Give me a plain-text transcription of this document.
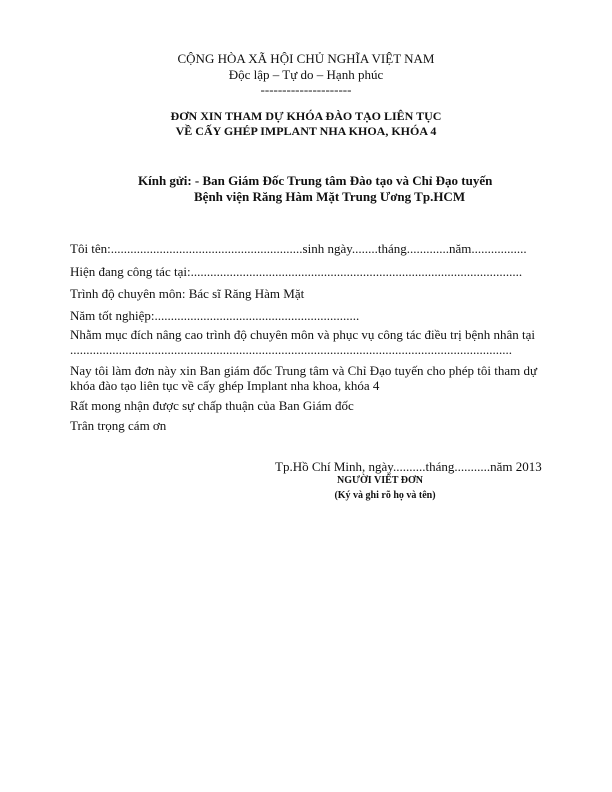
CỘNG HÒA XÃ HỘI CHỦ NGHĨA VIỆT NAM
Độc lập – Tự do – Hạnh phúc
---------------------
ĐƠN XIN THAM DỰ KHÓA ĐÀO TẠO LIÊN TỤC
VỀ CẤY GHÉP IMPLANT NHA KHOA, KHÓA 4
Kính gửi: - Ban Giám Đốc Trung tâm Đào tạo và Chỉ Đạo tuyến
Bệnh viện Răng Hàm Mặt Trung Ương Tp.HCM
Tôi tên:...........................................................sinh ngày........tháng.............năm.................
Hiện đang công tác tại:......................................................................................................
Trình độ chuyên môn: Bác sĩ Răng Hàm Mặt
Năm tốt nghiệp:...............................................................
Nhằm mục đích nâng cao trình độ chuyên môn và phục vụ công tác điều trị bệnh nhân tại
........................................................................................................................................
Nay tôi làm đơn này xin Ban giám đốc Trung tâm và Chỉ Đạo tuyến cho phép tôi tham dự
khóa đào tạo liên tục về cấy ghép Implant nha khoa, khóa 4
Rất mong nhận được sự chấp thuận của Ban Giám đốc
Trân trọng cám ơn
Tp.Hồ Chí Minh, ngày..........tháng...........năm 2013
NGƯỜI VIẾT ĐƠN
(Ký và ghi rõ họ và tên)
